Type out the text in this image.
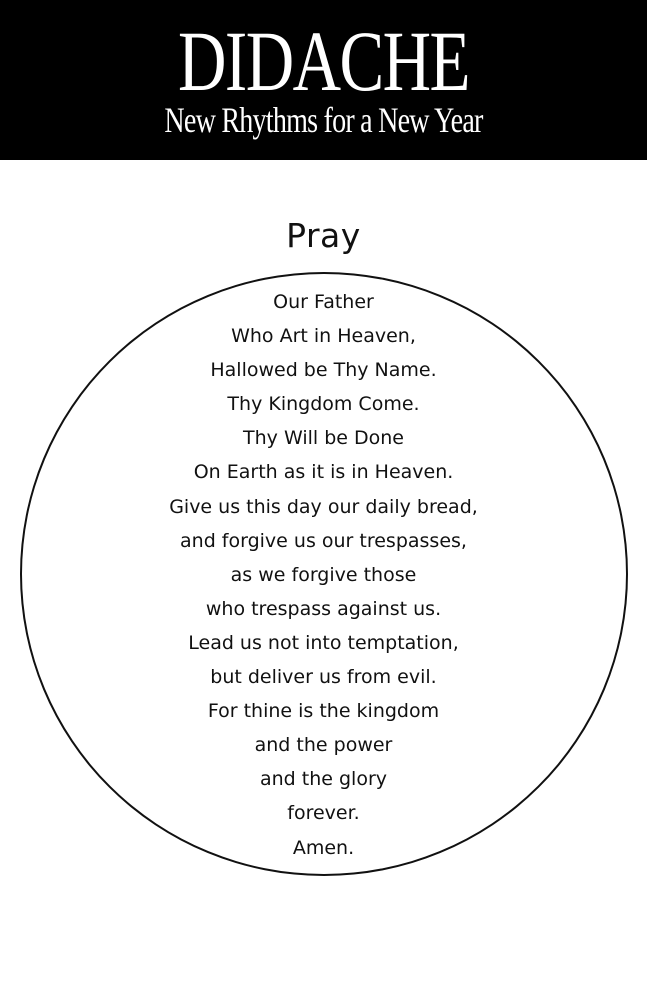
DIDACHE
New Rhythms for a New Year
Pray
Our Father
Who Art in Heaven,
Hallowed be Thy Name.
Thy Kingdom Come.
Thy Will be Done
On Earth as it is in Heaven.
Give us this day our daily bread,
and forgive us our trespasses,
as we forgive those
who trespass against us.
Lead us not into temptation,
but deliver us from evil.
For thine is the kingdom
and the power
and the glory
forever.
Amen.
